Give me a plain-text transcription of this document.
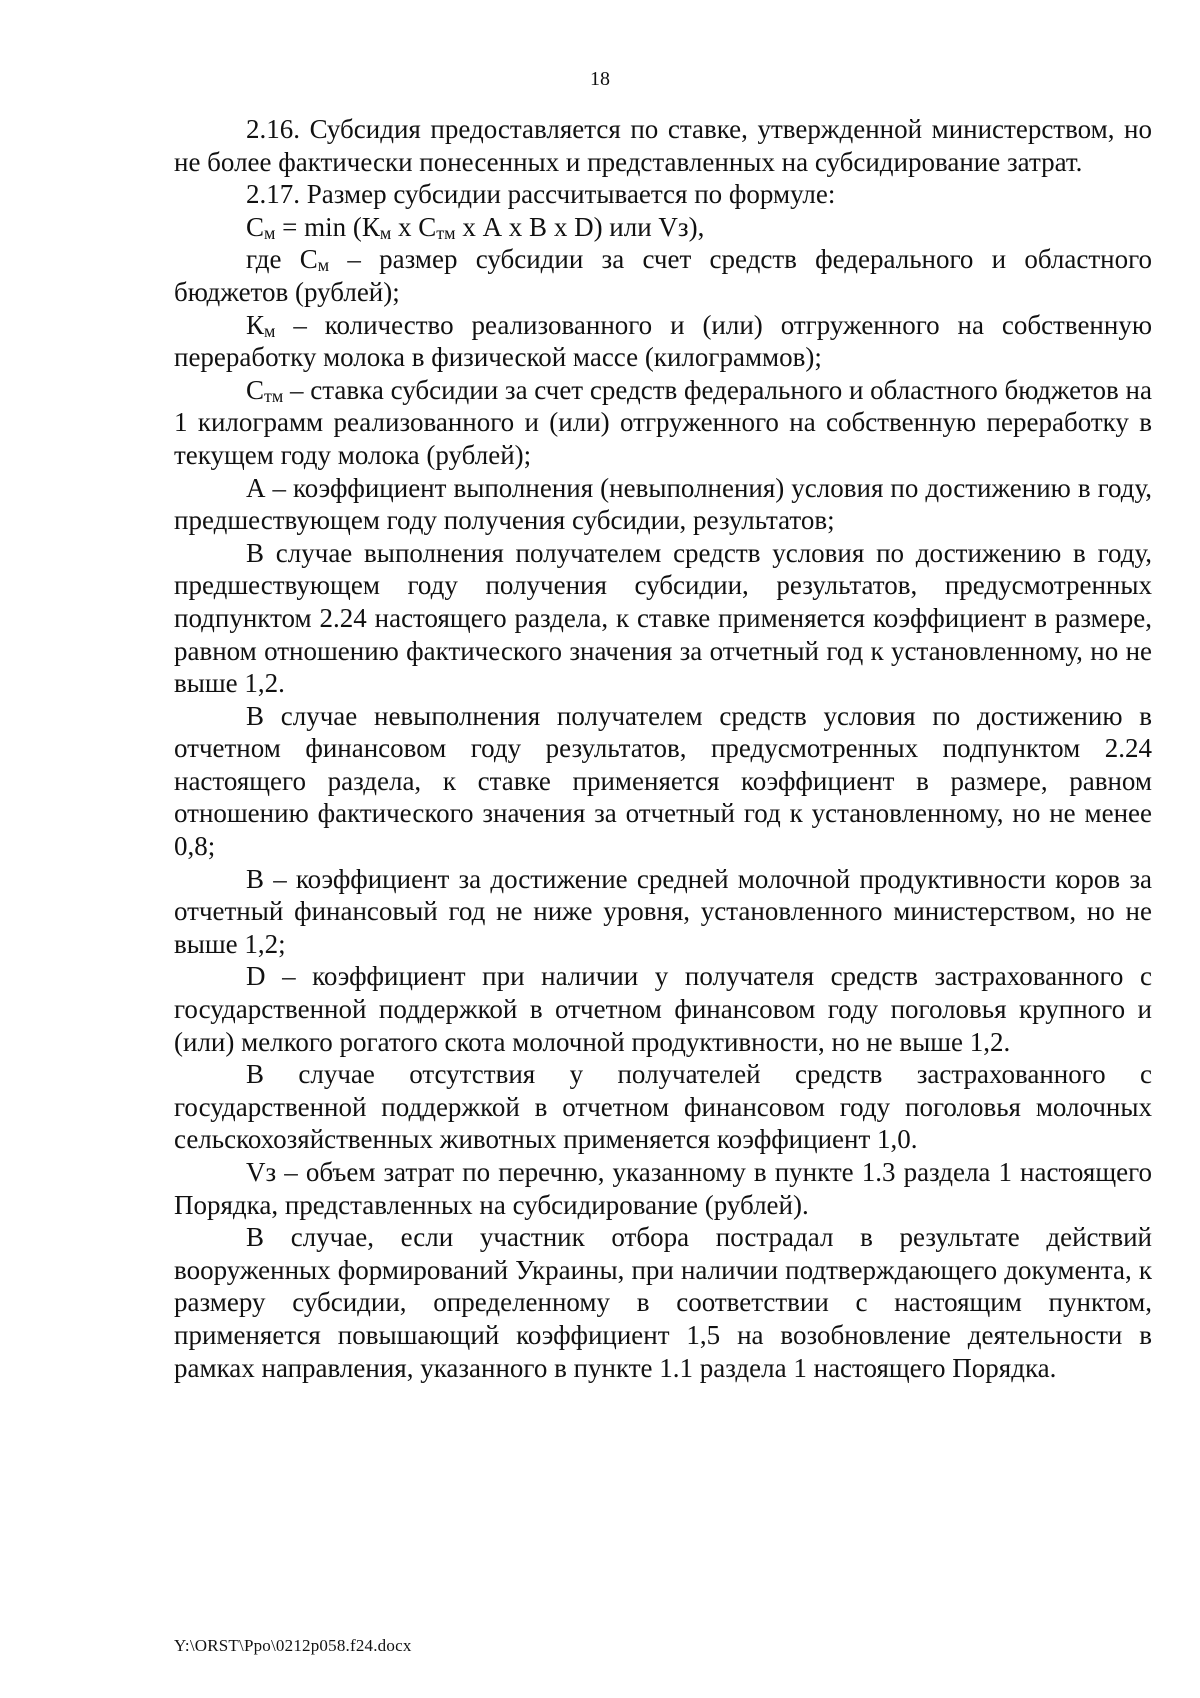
18

2.16. Субсидия предоставляется по ставке, утвержденной министерством, но не более фактически понесенных и представленных на субсидирование затрат.

2.17. Размер субсидии рассчитывается по формуле:

$С_м = \min (К_м$ х $С_{тм}$ х А х В х D) или Vз),

где $С_м$ – размер субсидии за счет средств федерального и областного бюджетов (рублей);

$К_м$ – количество реализованного и (или) отгруженного на собственную переработку молока в физической массе (килограммов);

$С_{тм}$ – ставка субсидии за счет средств федерального и областного бюджетов на 1 килограмм реализованного и (или) отгруженного на собственную переработку в текущем году молока (рублей);

А – коэффициент выполнения (невыполнения) условия по достижению в году, предшествующем году получения субсидии, результатов;

В случае выполнения получателем средств условия по достижению в году, предшествующем году получения субсидии, результатов, предусмотренных подпунктом 2.24 настоящего раздела, к ставке применяется коэффициент в размере, равном отношению фактического значения за отчетный год к установленному, но не выше 1,2.

В случае невыполнения получателем средств условия по достижению в отчетном финансовом году результатов, предусмотренных подпунктом 2.24 настоящего раздела, к ставке применяется коэффициент в размере, равном отношению фактического значения за отчетный год к установленному, но не менее 0,8;

В – коэффициент за достижение средней молочной продуктивности коров за отчетный финансовый год не ниже уровня, установленного министерством, но не выше 1,2;

D – коэффициент при наличии у получателя средств застрахованного с государственной поддержкой в отчетном финансовом году поголовья крупного и (или) мелкого рогатого скота молочной продуктивности, но не выше 1,2.

В случае отсутствия у получателей средств застрахованного с государственной поддержкой в отчетном финансовом году поголовья молочных сельскохозяйственных животных применяется коэффициент 1,0.

Vз – объем затрат по перечню, указанному в пункте 1.3 раздела 1 настоящего Порядка, представленных на субсидирование (рублей).

В случае, если участник отбора пострадал в результате действий вооруженных формирований Украины, при наличии подтверждающего документа, к размеру субсидии, определенному в соответствии с настоящим пунктом, применяется повышающий коэффициент 1,5 на возобновление деятельности в рамках направления, указанного в пункте 1.1 раздела 1 настоящего Порядка.

Y:\ORST\Ppo\0212p058.f24.docx
